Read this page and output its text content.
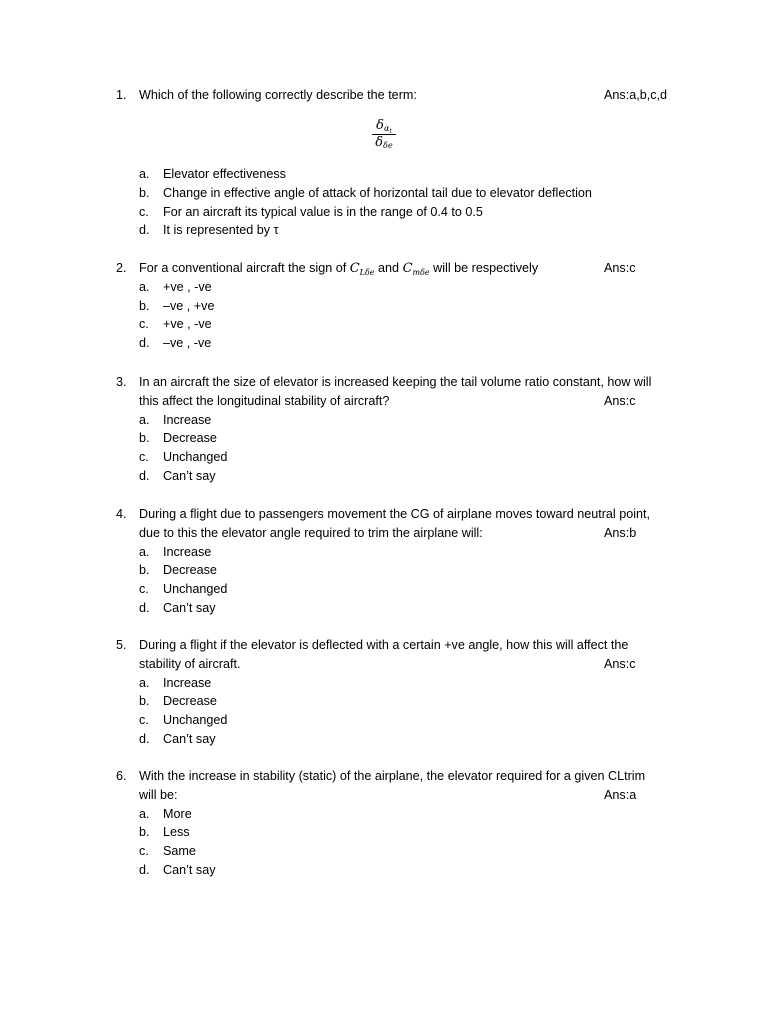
1. Which of the following correctly describe the term:	Ans:a,b,c,d
$\delta_{\alpha_t}$
$\delta_{\delta e}$
a. Elevator effectiveness
b. Change in effective angle of attack of horizontal tail due to elevator deflection
c. For an aircraft its typical value is in the range of 0.4 to 0.5
d. It is represented by τ
2. For a conventional aircraft the sign of $C_{L\delta e}$ and $C_{m\delta e}$ will be respectively	Ans:c
a. +ve , -ve
b. –ve , +ve
c. +ve , -ve
d. –ve , -ve
3. In an aircraft the size of elevator is increased keeping the tail volume ratio constant, how will
this affect the longitudinal stability of aircraft?	Ans:c
a. Increase
b. Decrease
c. Unchanged
d. Can’t say
4. During a flight due to passengers movement the CG of airplane moves toward neutral point,
due to this the elevator angle required to trim the airplane will:	Ans:b
a. Increase
b. Decrease
c. Unchanged
d. Can’t say
5. During a flight if the elevator is deflected with a certain +ve angle, how this will affect the
stability of aircraft.	Ans:c
a. Increase
b. Decrease
c. Unchanged
d. Can’t say
6. With the increase in stability (static) of the airplane, the elevator required for a given CLtrim
will be:	Ans:a
a. More
b. Less
c. Same
d. Can’t say
